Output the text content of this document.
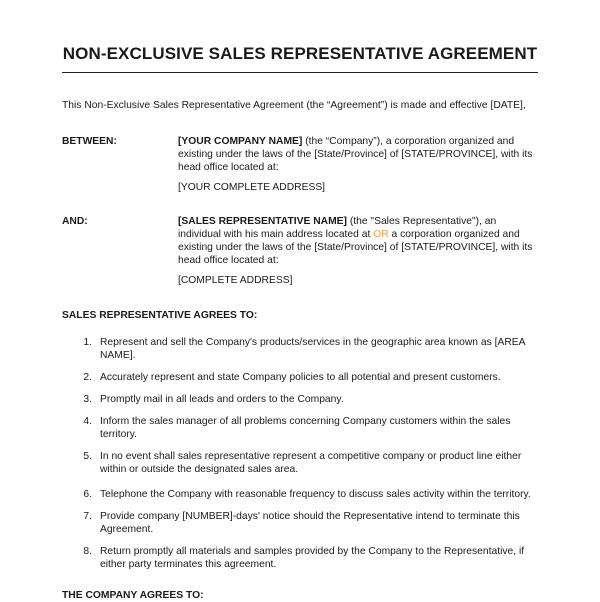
NON-EXCLUSIVE SALES REPRESENTATIVE AGREEMENT
This Non-Exclusive Sales Representative Agreement (the “Agreement”) is made and effective [DATE],
BETWEEN:	[YOUR COMPANY NAME] (the “Company”), a corporation organized and
existing under the laws of the [State/Province] of [STATE/PROVINCE], with its
head office located at:
[YOUR COMPLETE ADDRESS]
AND:	[SALES REPRESENTATIVE NAME] (the "Sales Representative"), an
individual with his main address located at OR a corporation organized and
existing under the laws of the [State/Province] of [STATE/PROVINCE], with its
head office located at:
[COMPLETE ADDRESS]
SALES REPRESENTATIVE AGREES TO:
1. Represent and sell the Company's products/services in the geographic area known as [AREA
NAME].
2. Accurately represent and state Company policies to all potential and present customers.
3. Promptly mail in all leads and orders to the Company.
4. Inform the sales manager of all problems concerning Company customers within the sales
territory.
5. In no event shall sales representative represent a competitive company or product line either
within or outside the designated sales area.
6. Telephone the Company with reasonable frequency to discuss sales activity within the territory.
7. Provide company [NUMBER]-days' notice should the Representative intend to terminate this
Agreement.
8. Return promptly all materials and samples provided by the Company to the Representative, if
either party terminates this agreement.
THE COMPANY AGREES TO:
